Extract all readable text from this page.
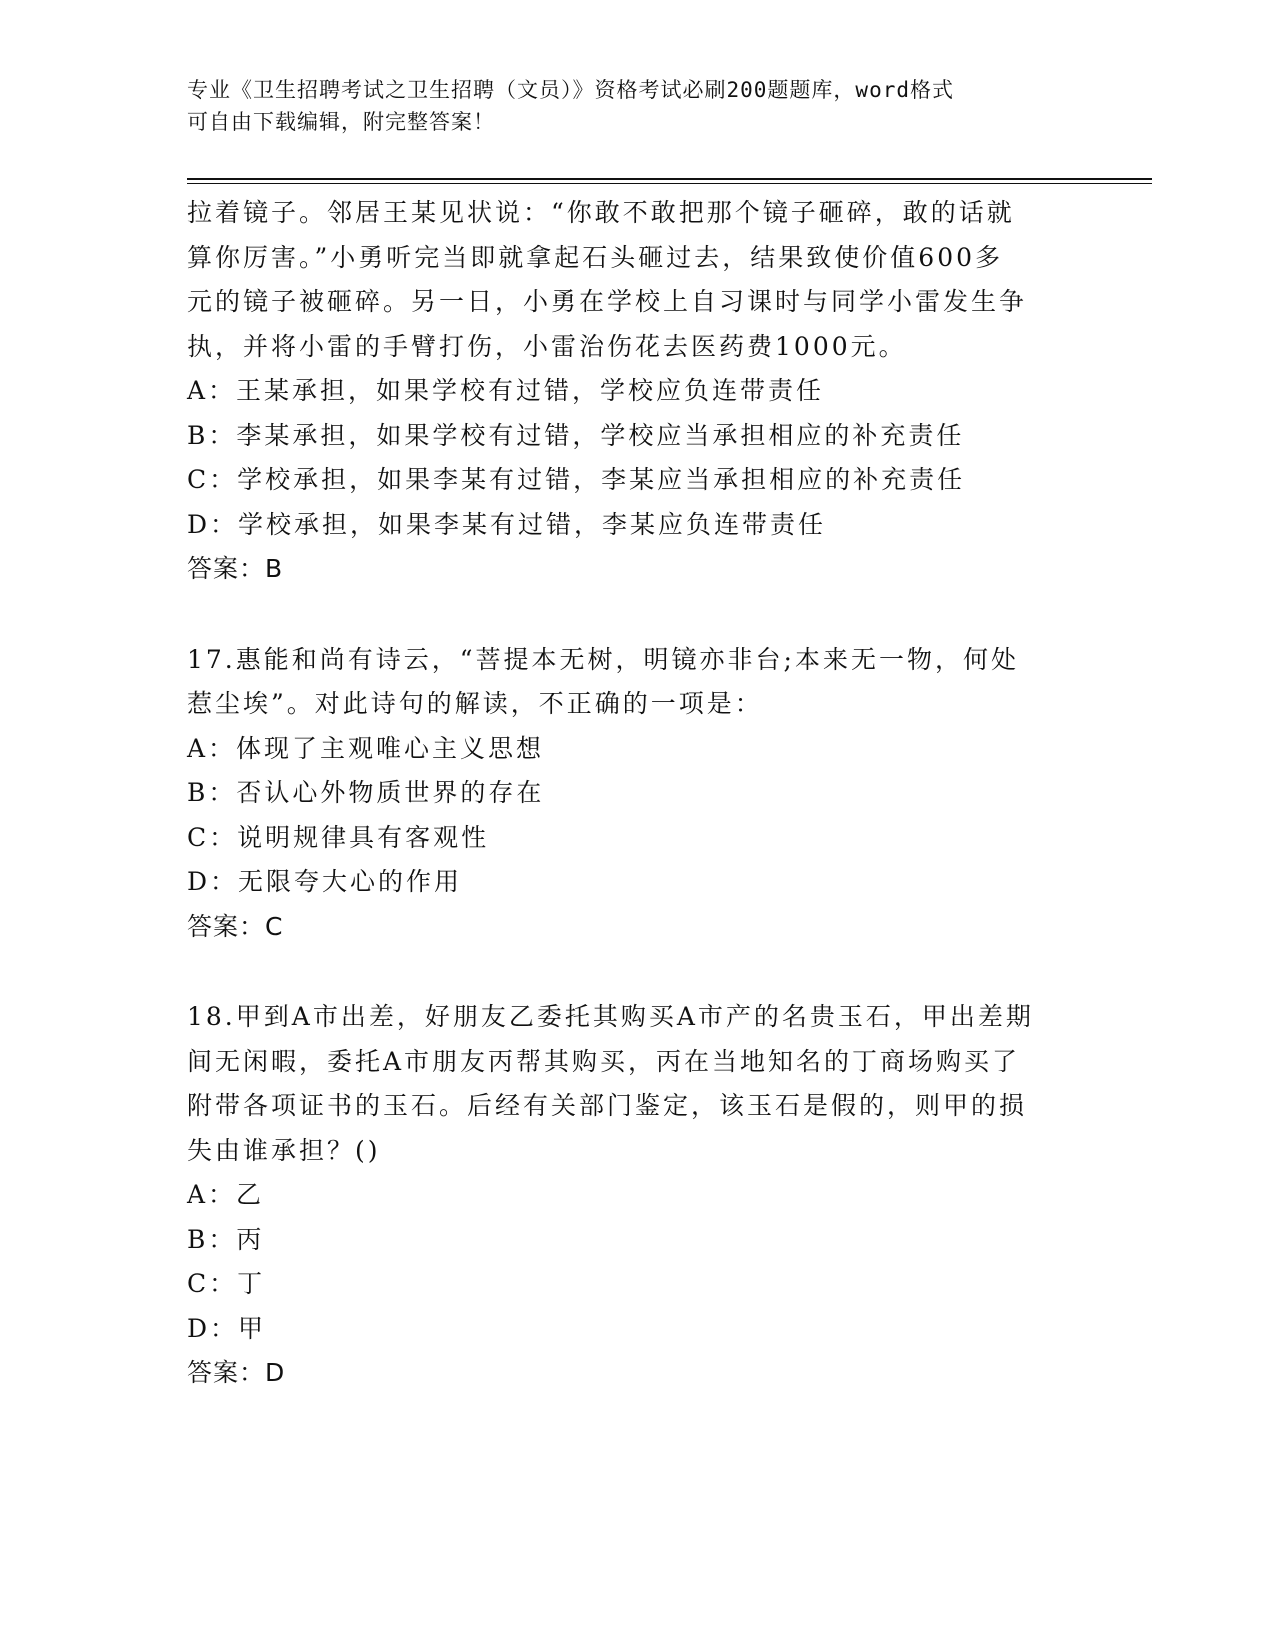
专业《卫生招聘考试之卫生招聘（文员）》资格考试必刷200题题库，word格式
可自由下载编辑，附完整答案！

拉着镜子。邻居王某见状说：“你敢不敢把那个镜子砸碎，敢的话就

算你厉害。”小勇听完当即就拿起石头砸过去，结果致使价值600多

元的镜子被砸碎。另一日，小勇在学校上自习课时与同学小雷发生争

执，并将小雷的手臂打伤，小雷治伤花去医药费1000元。

A：王某承担，如果学校有过错，学校应负连带责任

B：李某承担，如果学校有过错，学校应当承担相应的补充责任

C：学校承担，如果李某有过错，李某应当承担相应的补充责任

D：学校承担，如果李某有过错，李某应负连带责任

答案：B

17.惠能和尚有诗云，“菩提本无树，明镜亦非台;本来无一物，何处

惹尘埃”。对此诗句的解读，不正确的一项是：

A：体现了主观唯心主义思想

B：否认心外物质世界的存在

C：说明规律具有客观性

D：无限夸大心的作用

答案：C

18.甲到A市出差，好朋友乙委托其购买A市产的名贵玉石，甲出差期

间无闲暇，委托A市朋友丙帮其购买，丙在当地知名的丁商场购买了

附带各项证书的玉石。后经有关部门鉴定，该玉石是假的，则甲的损

失由谁承担？()

A：乙

B：丙

C：丁

D：甲

答案：D
